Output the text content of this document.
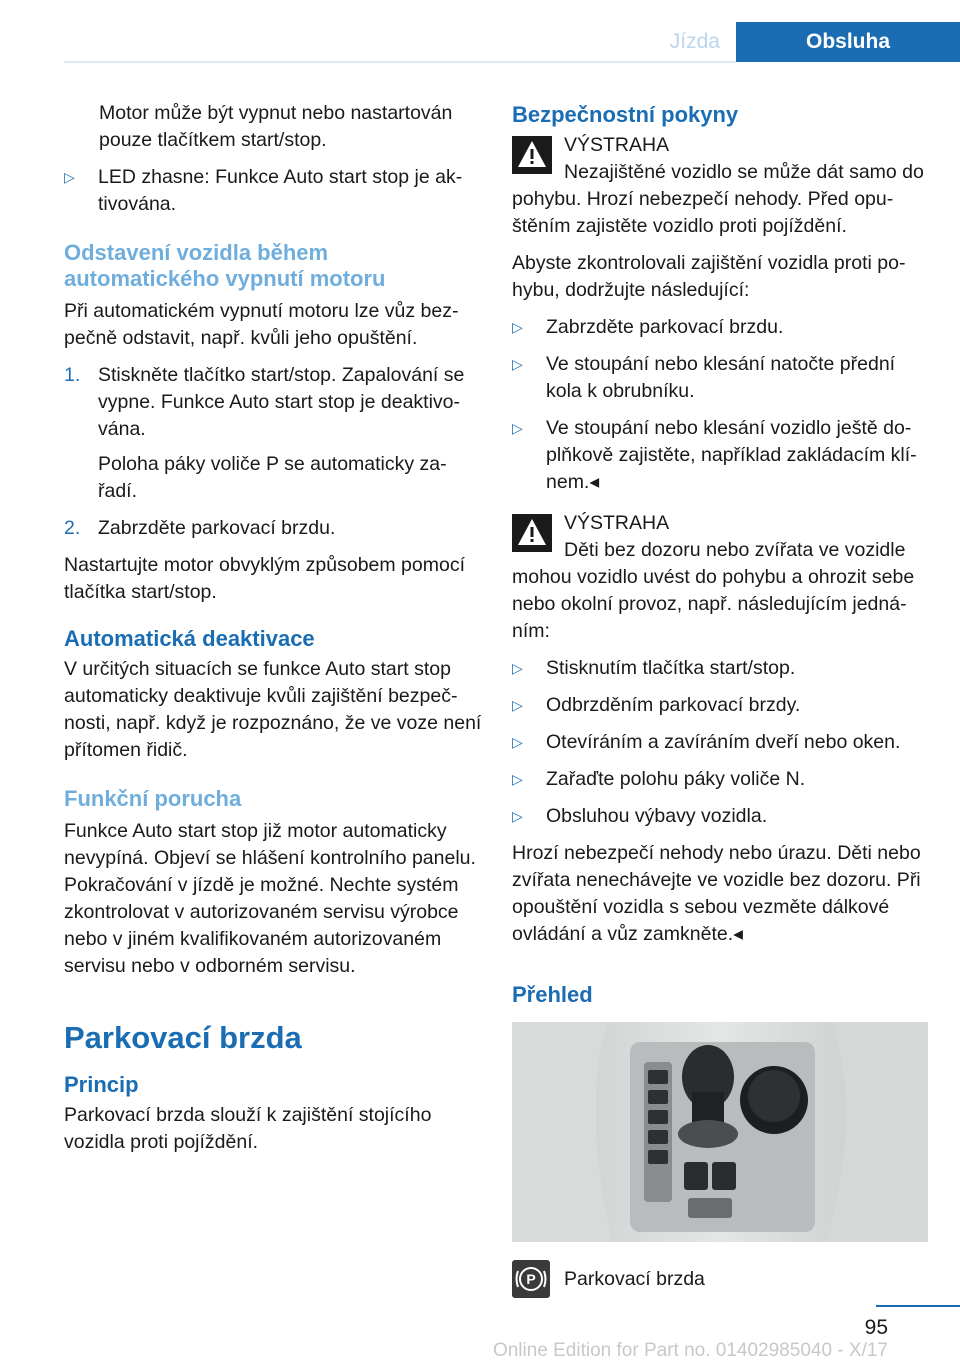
Jízda	Obsluha

Motor může být vypnut nebo nastartován pouze tlačítkem start/stop.

▷ LED zhasne: Funkce Auto start stop je ak- tivována.
Odstavení vozidla během automatického vypnutí motoru

Při automatickém vypnutí motoru lze vůz bez- pečně odstavit, např. kvůli jeho opuštění.

1. Stiskněte tlačítko start/stop. Zapalování se vypne. Funkce Auto start stop je deaktivo- vána.
Poloha páky voliče P se automaticky za- řadí.
2. Zabrzděte parkovací brzdu.

Nastartujte motor obvyklým způsobem pomocí tlačítka start/stop.

Automatická deaktivace

V určitých situacích se funkce Auto start stop automaticky deaktivuje kvůli zajištění bezpeč- nosti, např. když je rozpoznáno, že ve voze není přítomen řidič.

Funkční porucha

Funkce Auto start stop již motor automaticky nevypíná. Objeví se hlášení kontrolního panelu. Pokračování v jízdě je možné. Nechte systém zkontrolovat v autorizovaném servisu výrobce nebo v jiném kvalifikovaném autorizovaném servisu nebo v odborném servisu.

Parkovací brzda
Princip

Parkovací brzda slouží k zajištění stojícího vozidla proti pojíždění.

Bezpečnostní pokyny
VÝSTRAHA
Nezajištěné vozidlo se může dát samo do pohybu. Hrozí nebezpečí nehody. Před opu- štěním zajistěte vozidlo proti pojíždění.

Abyste zkontrolovali zajištění vozidla proti po- hybu, dodržujte následující:

▷ Zabrzděte parkovací brzdu.
▷ Ve stoupání nebo klesání natočte přední kola k obrubníku.
▷ Ve stoupání nebo klesání vozidlo ještě do- plňkově zajistěte, například zakládacím klí- nem.◂
VÝSTRAHA
Děti bez dozoru nebo zvířata ve vozidle mohou vozidlo uvést do pohybu a ohrozit sebe nebo okolní provoz, např. následujícím jedná- ním:
▷ Stisknutím tlačítka start/stop.
▷ Odbrzděním parkovací brzdy.
▷ Otevíráním a zavíráním dveří nebo oken.
▷ Zařaďte polohu páky voliče N.
▷ Obsluhou výbavy vozidla.

Hrozí nebezpečí nehody nebo úrazu. Děti nebo zvířata nenechávejte ve vozidle bez dozoru. Při opouštění vozidla s sebou vezměte dálkové ovládání a vůz zamkněte.◂

Přehled
P Parkovací brzda
95
Online Edition for Part no. 01402985040 - X/17
